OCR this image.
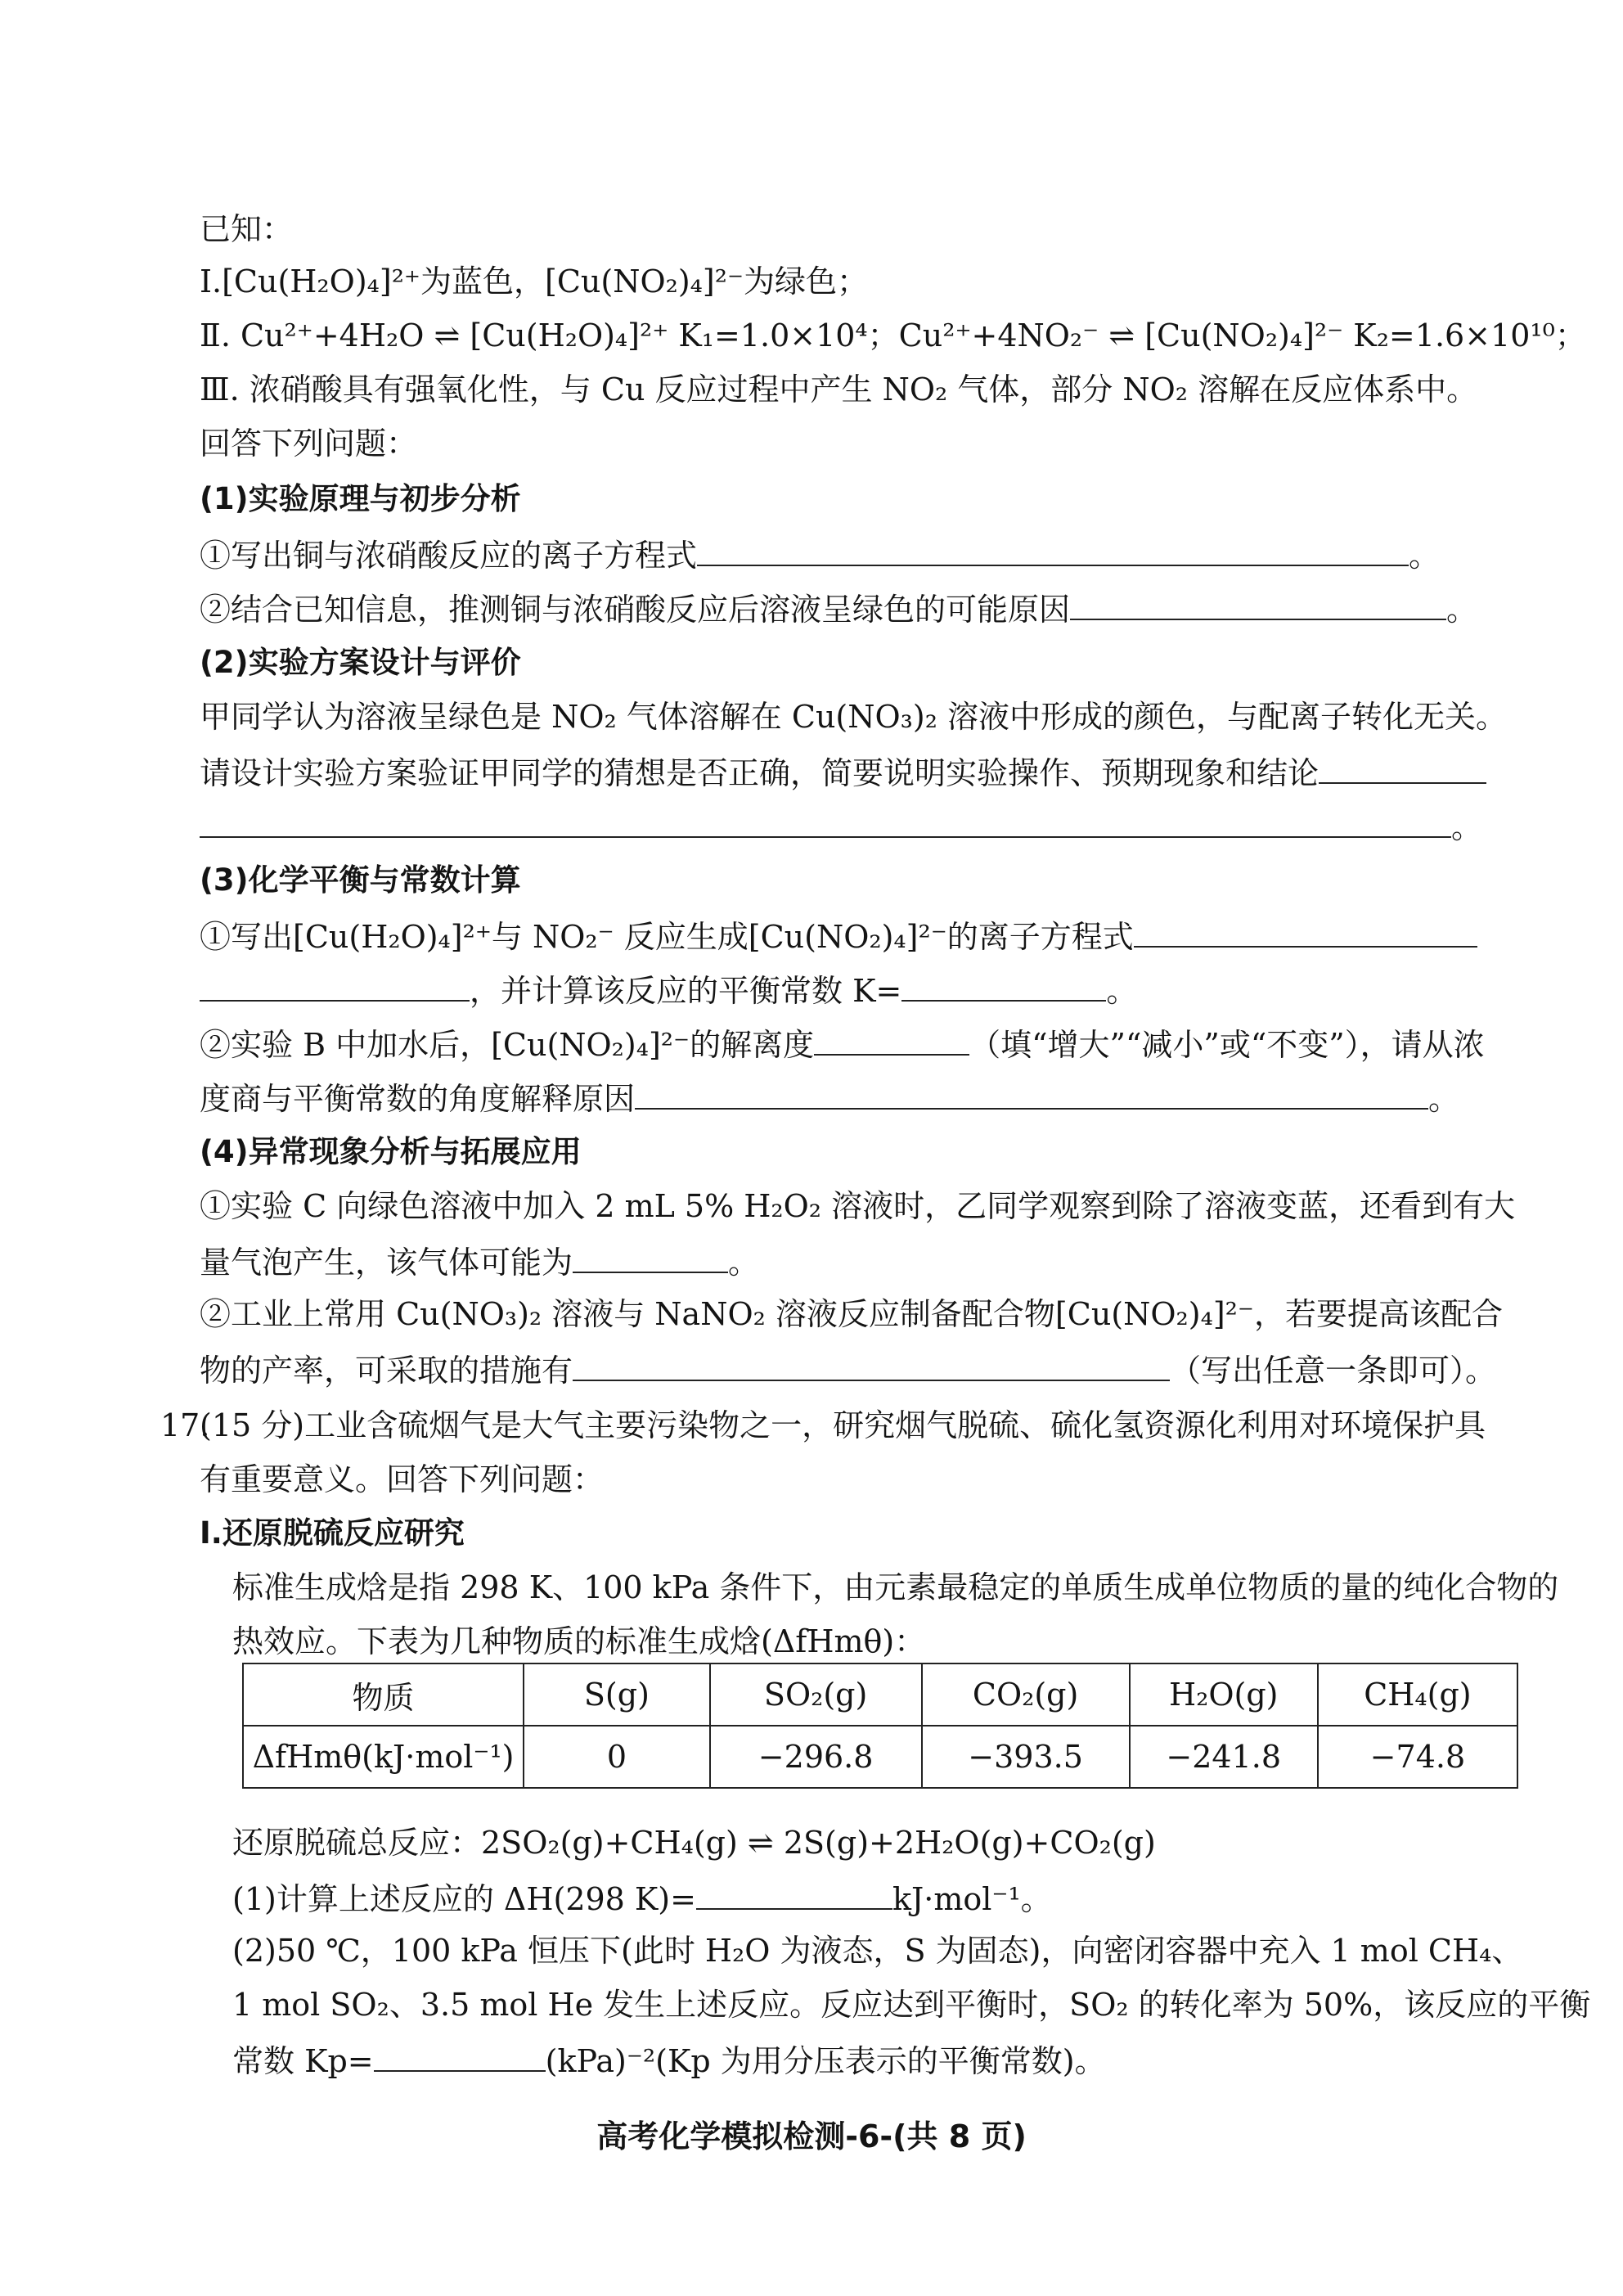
已知：
Ⅰ.[Cu(H₂O)₄]²⁺为蓝色，[Cu(NO₂)₄]²⁻为绿色；
Ⅱ. Cu²⁺+4H₂O ⇌ [Cu(H₂O)₄]²⁺ K₁=1.0×10⁴；Cu²⁺+4NO₂⁻ ⇌ [Cu(NO₂)₄]²⁻ K₂=1.6×10¹⁰；
Ⅲ. 浓硝酸具有强氧化性，与 Cu 反应过程中产生 NO₂ 气体，部分 NO₂ 溶解在反应体系中。
回答下列问题：
(1)实验原理与初步分析
①写出铜与浓硝酸反应的离子方程式	。
②结合已知信息，推测铜与浓硝酸反应后溶液呈绿色的可能原因	。
(2)实验方案设计与评价
甲同学认为溶液呈绿色是 NO₂ 气体溶解在 Cu(NO₃)₂ 溶液中形成的颜色，与配离子转化无关。
请设计实验方案验证甲同学的猜想是否正确，简要说明实验操作、预期现象和结论
。
(3)化学平衡与常数计算
①写出[Cu(H₂O)₄]²⁺与 NO₂⁻ 反应生成[Cu(NO₂)₄]²⁻的离子方程式
，并计算该反应的平衡常数 K=	。
②实验 B 中加水后，[Cu(NO₂)₄]²⁻的解离度	（填“增大”“减小”或“不变”），请从浓
度商与平衡常数的角度解释原因	。
(4)异常现象分析与拓展应用
①实验 C 向绿色溶液中加入 2 mL 5% H₂O₂ 溶液时，乙同学观察到除了溶液变蓝，还看到有大
量气泡产生，该气体可能为	。
②工业上常用 Cu(NO₃)₂ 溶液与 NaNO₂ 溶液反应制备配合物[Cu(NO₂)₄]²⁻，若要提高该配合
物的产率，可采取的措施有	（写出任意一条即可）。
17.
(15 分)工业含硫烟气是大气主要污染物之一，研究烟气脱硫、硫化氢资源化利用对环境保护具
有重要意义。回答下列问题：
Ⅰ.还原脱硫反应研究
标准生成焓是指 298 K、100 kPa 条件下，由元素最稳定的单质生成单位物质的量的纯化合物的
热效应。下表为几种物质的标准生成焓(ΔfHmθ)：
物质	S(g)	SO₂(g)	CO₂(g)	H₂O(g)	CH₄(g)
ΔfHmθ(kJ·mol⁻¹)	0	−296.8	−393.5	−241.8	−74.8
还原脱硫总反应：2SO₂(g)+CH₄(g) ⇌ 2S(g)+2H₂O(g)+CO₂(g)
(1)计算上述反应的 ΔH(298 K)=	kJ·mol⁻¹。
(2)50 ℃，100 kPa 恒压下(此时 H₂O 为液态，S 为固态)，向密闭容器中充入 1 mol CH₄、
1 mol SO₂、3.5 mol He 发生上述反应。反应达到平衡时，SO₂ 的转化率为 50%，该反应的平衡
常数 Kp=	(kPa)⁻²(Kp 为用分压表示的平衡常数)。
高考化学模拟检测-6-(共 8 页)
